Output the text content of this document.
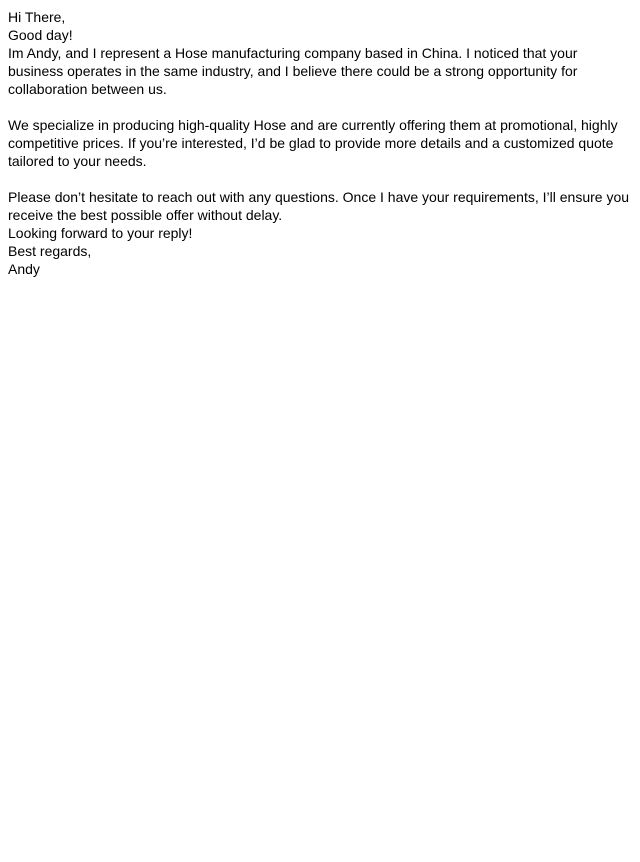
Hi There,
Good day!
Im Andy, and I represent a Hose manufacturing company based in China. I noticed that your business operates in the same industry, and I believe there could be a strong opportunity for collaboration between us.
We specialize in producing high-quality Hose and are currently offering them at promotional, highly competitive prices. If you’re interested, I’d be glad to provide more details and a customized quote tailored to your needs.
Please don’t hesitate to reach out with any questions. Once I have your requirements, I’ll ensure you receive the best possible offer without delay.
Looking forward to your reply!
Best regards,
Andy
